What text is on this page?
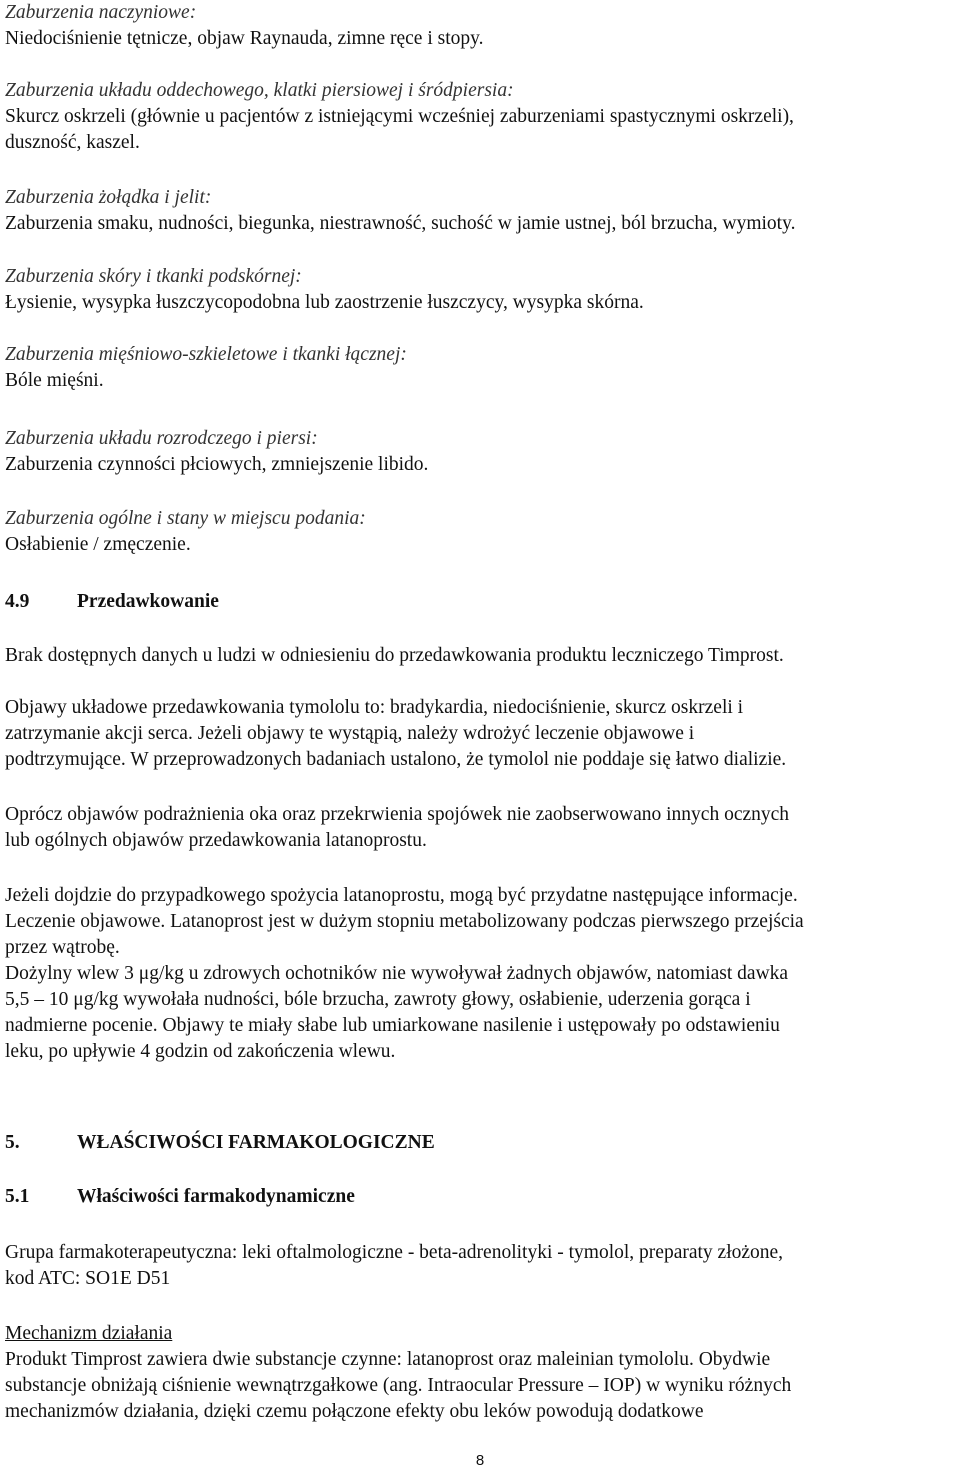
Zaburzenia naczyniowe:
Niedociśnienie tętnicze, objaw Raynauda, zimne ręce i stopy.
Zaburzenia układu oddechowego, klatki piersiowej i śródpiersia:
Skurcz oskrzeli (głównie u pacjentów z istniejącymi wcześniej zaburzeniami spastycznymi oskrzeli),
duszność, kaszel.
Zaburzenia żołądka i jelit:
Zaburzenia smaku, nudności, biegunka, niestrawność, suchość w jamie ustnej, ból brzucha, wymioty.
Zaburzenia skóry i tkanki podskórnej:
Łysienie, wysypka łuszczycopodobna lub zaostrzenie łuszczycy, wysypka skórna.
Zaburzenia mięśniowo-szkieletowe i tkanki łącznej:
Bóle mięśni.
Zaburzenia układu rozrodczego i piersi:
Zaburzenia czynności płciowych, zmniejszenie libido.
Zaburzenia ogólne i stany w miejscu podania:
Osłabienie / zmęczenie.
4.9 Przedawkowanie
Brak dostępnych danych u ludzi w odniesieniu do przedawkowania produktu leczniczego Timprost.
Objawy układowe przedawkowania tymololu to: bradykardia, niedociśnienie, skurcz oskrzeli i
zatrzymanie akcji serca. Jeżeli objawy te wystąpią, należy wdrożyć leczenie objawowe i
podtrzymujące. W przeprowadzonych badaniach ustalono, że tymolol nie poddaje się łatwo dializie.
Oprócz objawów podrażnienia oka oraz przekrwienia spojówek nie zaobserwowano innych ocznych
lub ogólnych objawów przedawkowania latanoprostu.
Jeżeli dojdzie do przypadkowego spożycia latanoprostu, mogą być przydatne następujące informacje.
Leczenie objawowe. Latanoprost jest w dużym stopniu metabolizowany podczas pierwszego przejścia
przez wątrobę.
Dożylny wlew 3 μg/kg u zdrowych ochotników nie wywoływał żadnych objawów, natomiast dawka
5,5 – 10 μg/kg wywołała nudności, bóle brzucha, zawroty głowy, osłabienie, uderzenia gorąca i
nadmierne pocenie. Objawy te miały słabe lub umiarkowane nasilenie i ustępowały po odstawieniu
leku, po upływie 4 godzin od zakończenia wlewu.
5.	WŁAŚCIWOŚCI FARMAKOLOGICZNE
5.1 Właściwości farmakodynamiczne
Grupa farmakoterapeutyczna: leki oftalmologiczne - beta-adrenolityki - tymolol, preparaty złożone,
kod ATC: SO1E D51
Mechanizm działania
Produkt Timprost zawiera dwie substancje czynne: latanoprost oraz maleinian tymololu. Obydwie
substancje obniżają ciśnienie wewnątrzgałkowe (ang. Intraocular Pressure – IOP) w wyniku różnych
mechanizmów działania, dzięki czemu połączone efekty obu leków powodują dodatkowe
8
